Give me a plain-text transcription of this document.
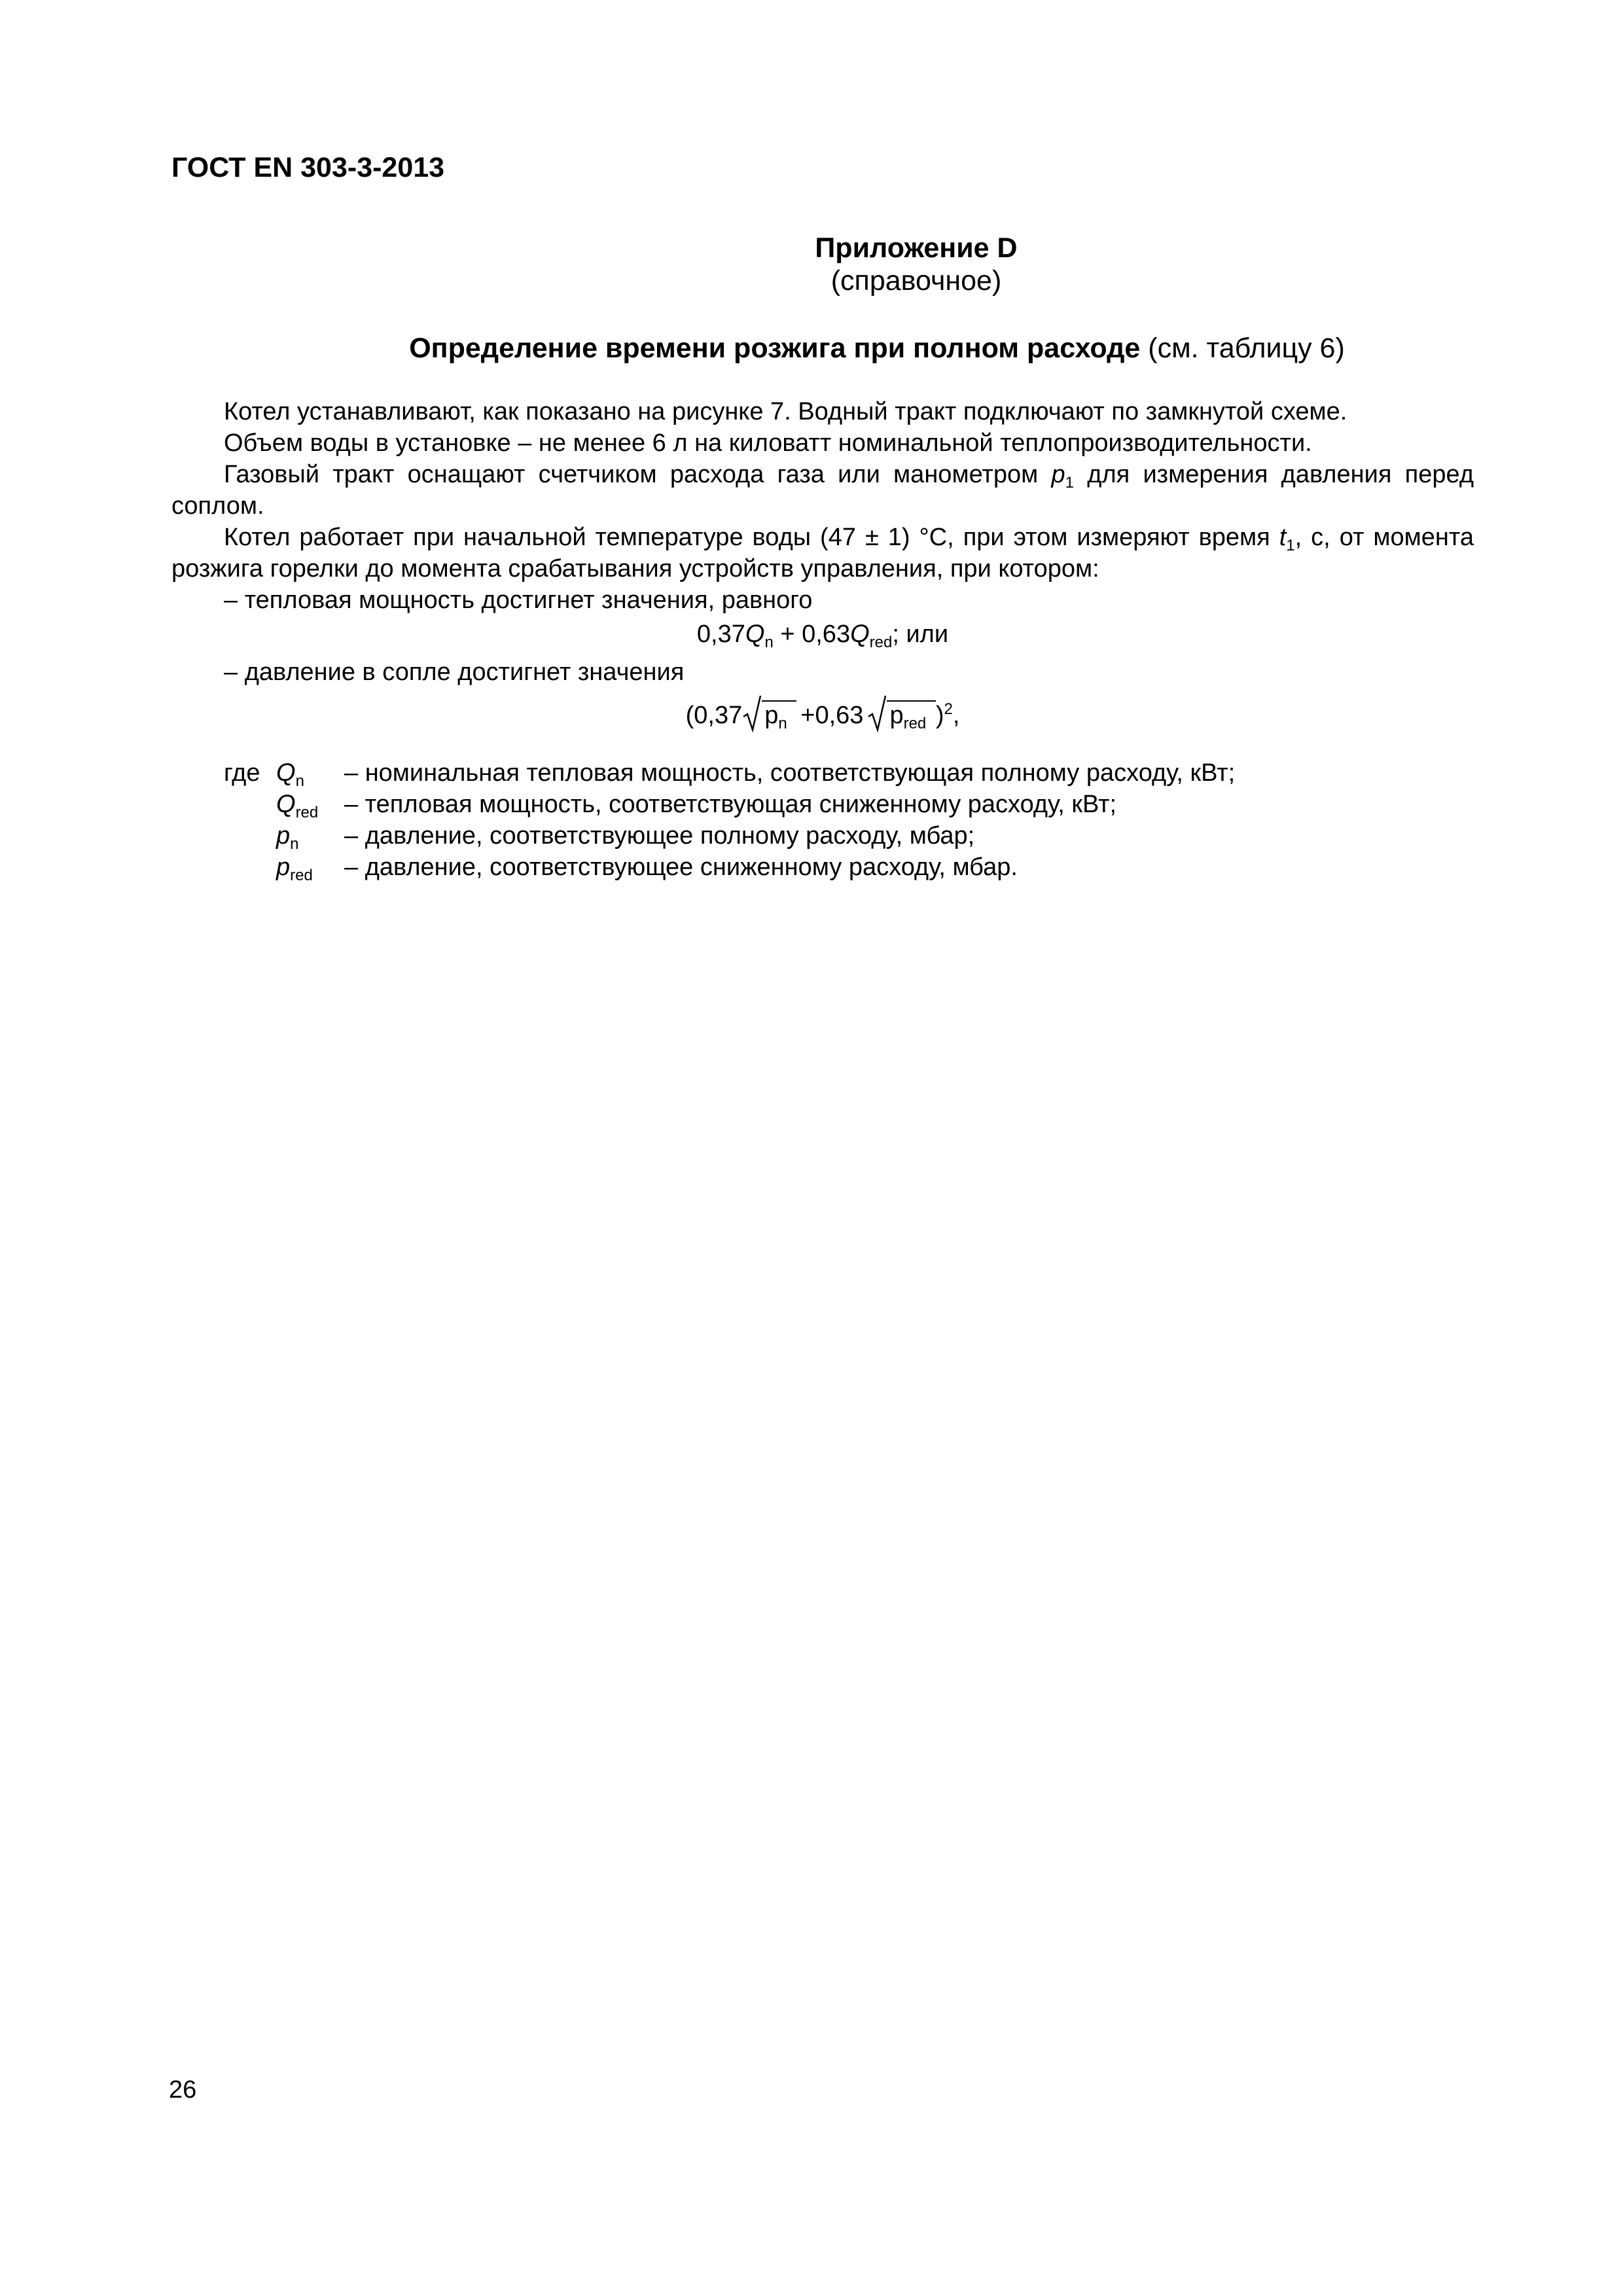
ГОСТ EN 303-3-2013
Приложение D
(справочное)
Определение времени розжига при полном расходе (см. таблицу 6)

Котел устанавливают, как показано на рисунке 7. Водный тракт подключают по замкнутой схеме.

Объем воды в установке – не менее 6 л на киловатт номинальной теплопроизводительности.

Газовый тракт оснащают счетчиком расхода газа или манометром $p_1$ для измерения давления перед соплом.

Котел работает при начальной температуре воды (47 ± 1) °С, при этом измеряют время $t_1$, с, от момента розжига горелки до момента срабатывания устройств управления, при котором:

– тепловая мощность достигнет значения, равного

$0,37Q_n + 0,63Q_{red}$; или

– давление в сопле достигнет значения

(0,37 $p_n +0,63$ $p_{red}$ )$^2$,
где $Q_n$	– номинальная тепловая мощность, соответствующая полному расходу, кВт;
$Q_{red}$	– тепловая мощность, соответствующая сниженному расходу, кВт;
$p_n$	– давление, соответствующее полному расходу, мбар;
$p_{red}$	– давление, соответствующее сниженному расходу, мбар.
26
